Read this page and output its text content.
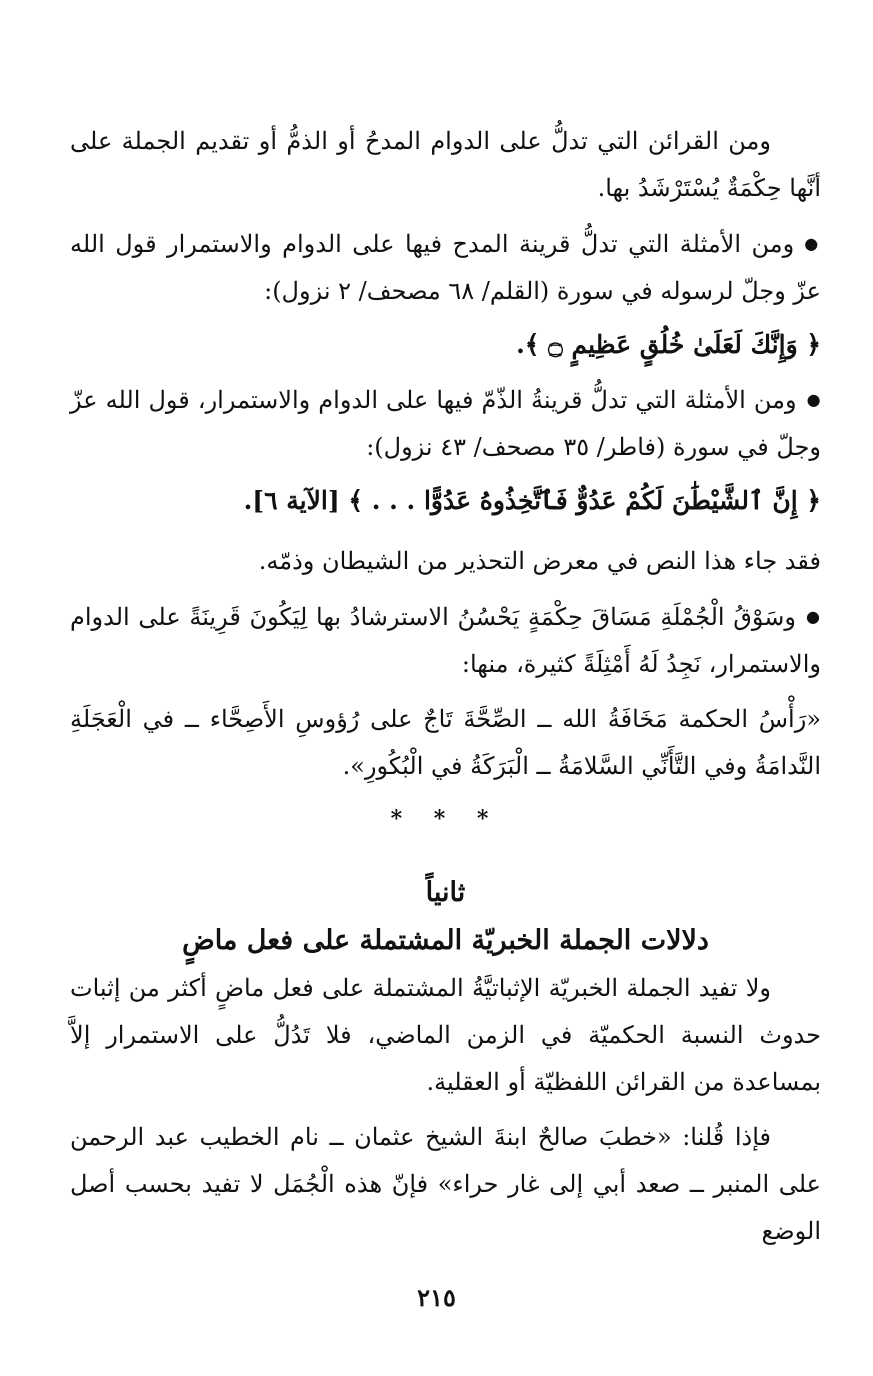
ومن القرائن التي تدلُّ على الدوام المدحُ أو الذمُّ أو تقديم الجملة على أنَّها حِكْمَةٌ يُسْتَرْشَدُ بها.

● ومن الأمثلة التي تدلُّ قرينة المدح فيها على الدوام والاستمرار قول الله عزّ وجلّ لرسوله في سورة (القلم/ ٦٨ مصحف/ ٢ نزول):

﴿ وَإِنَّكَ لَعَلَىٰ خُلُقٍ عَظِيمٍ ۝ ﴾.

● ومن الأمثلة التي تدلُّ قرينةُ الذّمّ فيها على الدوام والاستمرار، قول الله عزّ وجلّ في سورة (فاطر/ ٣٥ مصحف/ ٤٣ نزول):

﴿ إِنَّ ٱلشَّيْطَٰنَ لَكُمْ عَدُوٌّ فَٱتَّخِذُوهُ عَدُوًّا . . . ﴾ [الآية ٦].

فقد جاء هذا النص في معرض التحذير من الشيطان وذمّه.

● وسَوْقُ الْجُمْلَةِ مَسَاقَ حِكْمَةٍ يَحْسُنُ الاسترشادُ بها لِيَكُونَ قَرِينَةً على الدوام والاستمرار، نَجِدُ لَهُ أَمْثِلَةً كثيرة، منها:

«رَأْسُ الحكمة مَخَافَةُ الله ــ الصِّحَّةَ تَاجٌ على رُؤوسِ الأَصِحَّاء ــ في الْعَجَلَةِ النَّدامَةُ وفي التَّأَنِّي السَّلامَةُ ــ الْبَرَكَةُ في الْبُكُورِ».

* * *

ثانياً

دلالات الجملة الخبريّة المشتملة على فعل ماضٍ

ولا تفيد الجملة الخبريّة الإثباتيَّةُ المشتملة على فعل ماضٍ أكثر من إثبات حدوث النسبة الحكميّة في الزمن الماضي، فلا تَدُلُّ على الاستمرار إلاَّ بمساعدة من القرائن اللفظيّة أو العقلية.

فإذا قُلنا: «خطبَ صالحٌ ابنةَ الشيخ عثمان ــ نام الخطيب عبد الرحمن على المنبر ــ صعد أبي إلى غار حراء» فإنّ هذه الْجُمَل لا تفيد بحسب أصل الوضع

٢١٥
